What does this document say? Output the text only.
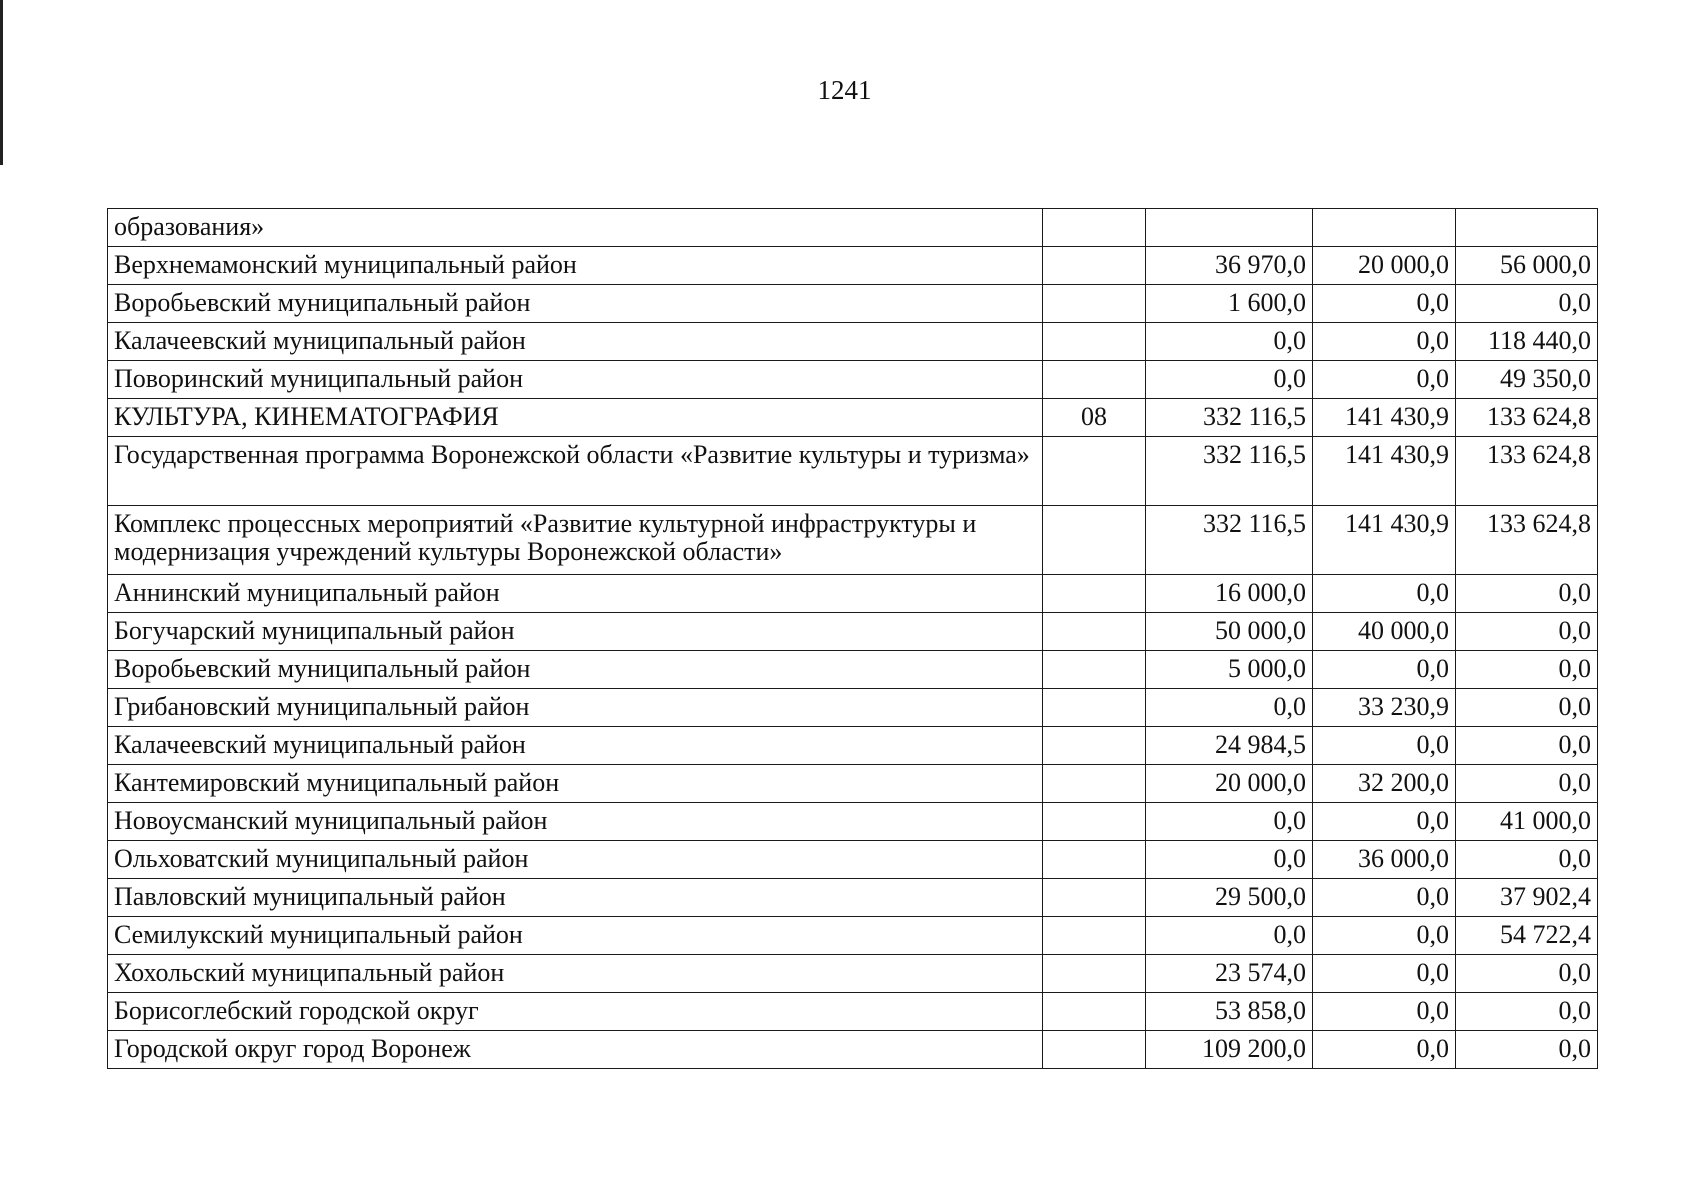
1241
образования»				
Верхнемамонский муниципальный район		36 970,0	20 000,0	56 000,0
Воробьевский муниципальный район		1 600,0	0,0	0,0
Калачеевский муниципальный район		0,0	0,0	118 440,0
Поворинский муниципальный район		0,0	0,0	49 350,0
КУЛЬТУРА, КИНЕМАТОГРАФИЯ	08	332 116,5	141 430,9	133 624,8
Государственная программа Воронежской области «Развитие культуры и туризма»		332 116,5	141 430,9	133 624,8
Комплекс процессных мероприятий «Развитие культурной инфраструктуры и модернизация учреждений культуры Воронежской области»		332 116,5	141 430,9	133 624,8
Аннинский муниципальный район		16 000,0	0,0	0,0
Богучарский муниципальный район		50 000,0	40 000,0	0,0
Воробьевский муниципальный район		5 000,0	0,0	0,0
Грибановский муниципальный район		0,0	33 230,9	0,0
Калачеевский муниципальный район		24 984,5	0,0	0,0
Кантемировский муниципальный район		20 000,0	32 200,0	0,0
Новоусманский муниципальный район		0,0	0,0	41 000,0
Ольховатский муниципальный район		0,0	36 000,0	0,0
Павловский муниципальный район		29 500,0	0,0	37 902,4
Семилукский муниципальный район		0,0	0,0	54 722,4
Хохольский муниципальный район		23 574,0	0,0	0,0
Борисоглебский городской округ		53 858,0	0,0	0,0
Городской округ город Воронеж		109 200,0	0,0	0,0
